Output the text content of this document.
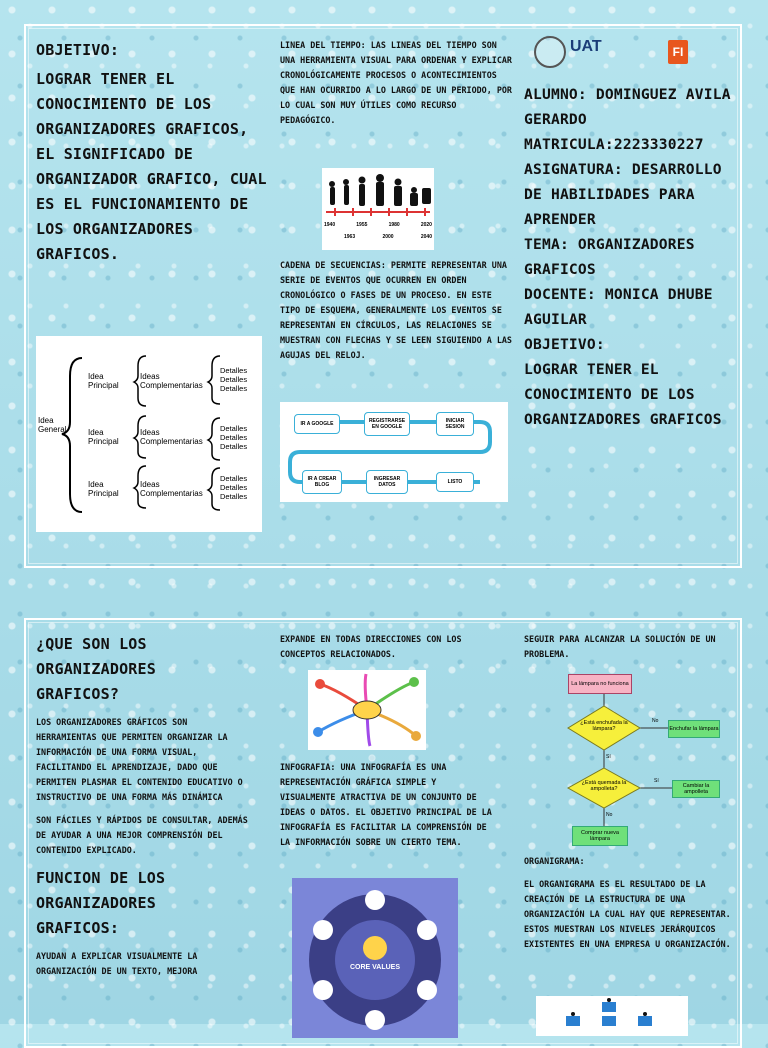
OBJETIVO:

LOGRAR TENER EL CONOCIMIENTO DE LOS ORGANIZADORES GRAFICOS, EL SIGNIFICADO DE ORGANIZADOR GRAFICO, CUAL ES EL FUNCIONAMIENTO DE LOS ORGANIZADORES GRAFICOS.

Idea General
Idea Principal
Idea Principal
Idea Principal
Ideas Complementarias
Ideas Complementarias
Ideas Complementarias
Detalles
Detalles
Detalles
Detalles
Detalles
Detalles
Detalles
Detalles
Detalles

LINEA DEL TIEMPO: LAS LINEAS DEL TIEMPO SON UNA HERRAMIENTA VISUAL PARA ORDENAR Y EXPLICAR CRONOLÓGICAMENTE PROCESOS O ACONTECIMIENTOS QUE HAN OCURRIDO A LO LARGO DE UN PERIODO, POR LO CUAL SON MUY ÚTILES COMO RECURSO PEDAGÓGICO.

1940	1955	1980	2020
1963	2000	2040

CADENA DE SECUENCIAS: PERMITE REPRESENTAR UNA SERIE DE EVENTOS QUE OCURREN EN ORDEN CRONOLÓGICO O FASES DE UN PROCESO. EN ESTE TIPO DE ESQUEMA, GENERALMENTE LOS EVENTOS SE REPRESENTAN EN CÍRCULOS, LAS RELACIONES SE MUESTRAN CON FLECHAS Y SE LEEN SIGUIENDO A LAS AGUJAS DEL RELOJ.

IR A GOOGLE	REGISTRARSE EN GOOGLE
INICIAR SESION
IR A CREAR BLOG
INGRESAR DATOS	LISTO
UAT	FI

ALUMNO: DOMINGUEZ AVILA GERARDO

MATRICULA:2223330227

ASIGNATURA: DESARROLLO DE HABILIDADES PARA APRENDER

TEMA: ORGANIZADORES GRAFICOS

DOCENTE: MONICA DHUBE AGUILAR

OBJETIVO:

LOGRAR TENER EL CONOCIMIENTO DE LOS ORGANIZADORES GRAFICOS

¿QUE SON LOS ORGANIZADORES GRAFICOS?

LOS ORGANIZADORES GRÁFICOS SON HERRAMIENTAS QUE PERMITEN ORGANIZAR LA INFORMACIÓN DE UNA FORMA VISUAL, FACILITANDO EL APRENDIZAJE, DADO QUE PERMITEN PLASMAR EL CONTENIDO EDUCATIVO O INSTRUCTIVO DE UNA FORMA MÁS DINÁMICA

SON FÁCILES Y RÁPIDOS DE CONSULTAR, ADEMÁS DE AYUDAR A UNA MEJOR COMPRENSIÓN DEL CONTENIDO EXPLICADO.

FUNCION DE LOS ORGANIZADORES GRAFICOS:

AYUDAN A EXPLICAR VISUALMENTE LA ORGANIZACIÓN DE UN TEXTO, MEJORA

EXPANDE EN TODAS DIRECCIONES CON LOS CONCEPTOS RELACIONADOS.

INFOGRAFIA: UNA INFOGRAFÍA ES UNA REPRESENTACIÓN GRÁFICA SIMPLE Y VISUALMENTE ATRACTIVA DE UN CONJUNTO DE IDEAS O DATOS. EL OBJETIVO PRINCIPAL DE LA INFOGRAFÍA ES FACILITAR LA COMPRENSIÓN DE LA INFORMACIÓN SOBRE UN CIERTO TEMA.

CORE VALUES

SEGUIR PARA ALCANZAR LA SOLUCIÓN DE UN PROBLEMA.

La lámpara no funciona
¿Está enchufada la lámpara?	Enchufar la lámpara
¿Está quemada la ampolleta?	Cambiar la ampolleta
Comprar nueva lámpara
No
Sí
Sí
No

ORGANIGRAMA:

EL ORGANIGRAMA ES EL RESULTADO DE LA CREACIÓN DE LA ESTRUCTURA DE UNA ORGANIZACIÓN LA CUAL HAY QUE REPRESENTAR. ESTOS MUESTRAN LOS NIVELES JERÁRQUICOS EXISTENTES EN UNA EMPRESA U ORGANIZACIÓN.
